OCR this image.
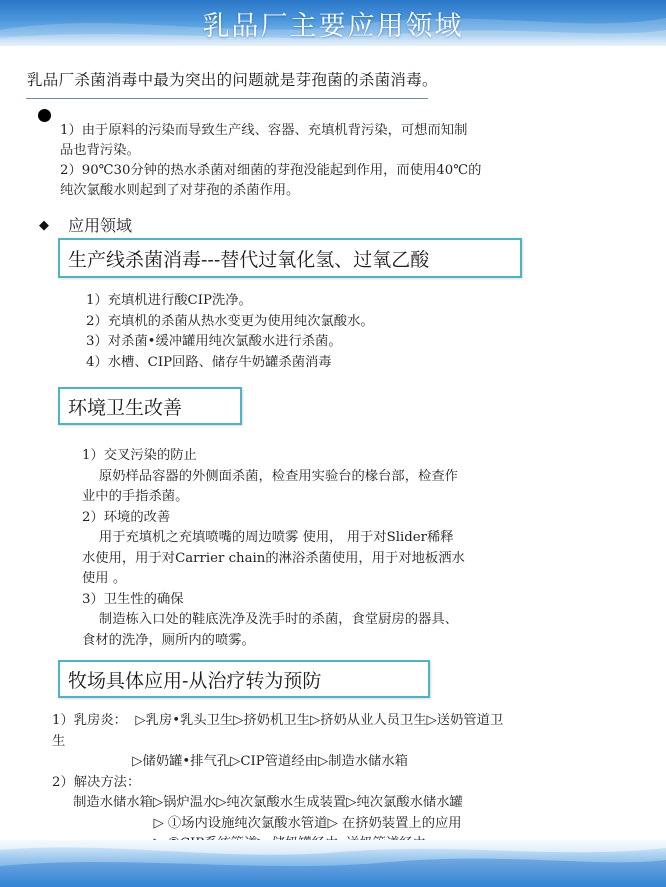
乳品厂主要应用领域
乳品厂杀菌消毒中最为突出的问题就是芽孢菌的杀菌消毒。
1）由于原料的污染而导致生产线、容器、充填机背污染，可想而知制
品也背污染。
2）90℃30分钟的热水杀菌对细菌的芽孢没能起到作用，而使用40℃的
纯次氯酸水则起到了对芽孢的杀菌作用。
◆ 应用领域
生产线杀菌消毒---替代过氧化氢、过氧乙酸
1）充填机进行酸CIP洗净。
2）充填机的杀菌从热水变更为使用纯次氯酸水。
3）对杀菌•缓冲罐用纯次氯酸水进行杀菌。
4）水槽、CIP回路、储存牛奶罐杀菌消毒
环境卫生改善
1）交叉污染的防止
原奶样品容器的外侧面杀菌，检查用实验台的椽台部，检查作
业中的手指杀菌。
2）环境的改善
用于充填机之充填喷嘴的周边喷雾 使用， 用于对Slider稀释
水使用，用于对Carrier chain的淋浴杀菌使用，用于对地板洒水
使用 。
3）卫生性的确保
制造栋入口处的鞋底洗净及洗手时的杀菌，食堂厨房的器具、
食材的洗净，厕所内的喷雾。
牧场具体应用-从治疗转为预防
1）乳房炎：  ▷乳房•乳头卫生▷挤奶机卫生▷挤奶从业人员卫生▷送奶管道卫
生
▷储奶罐•排气孔▷CIP管道经由▷制造水储水箱
2）解决方法：
制造水储水箱▷锅炉温水▷纯次氯酸水生成装置▷纯次氯酸水储水罐
▷ ①场内设施纯次氯酸水管道▷ 在挤奶装置上的应用
